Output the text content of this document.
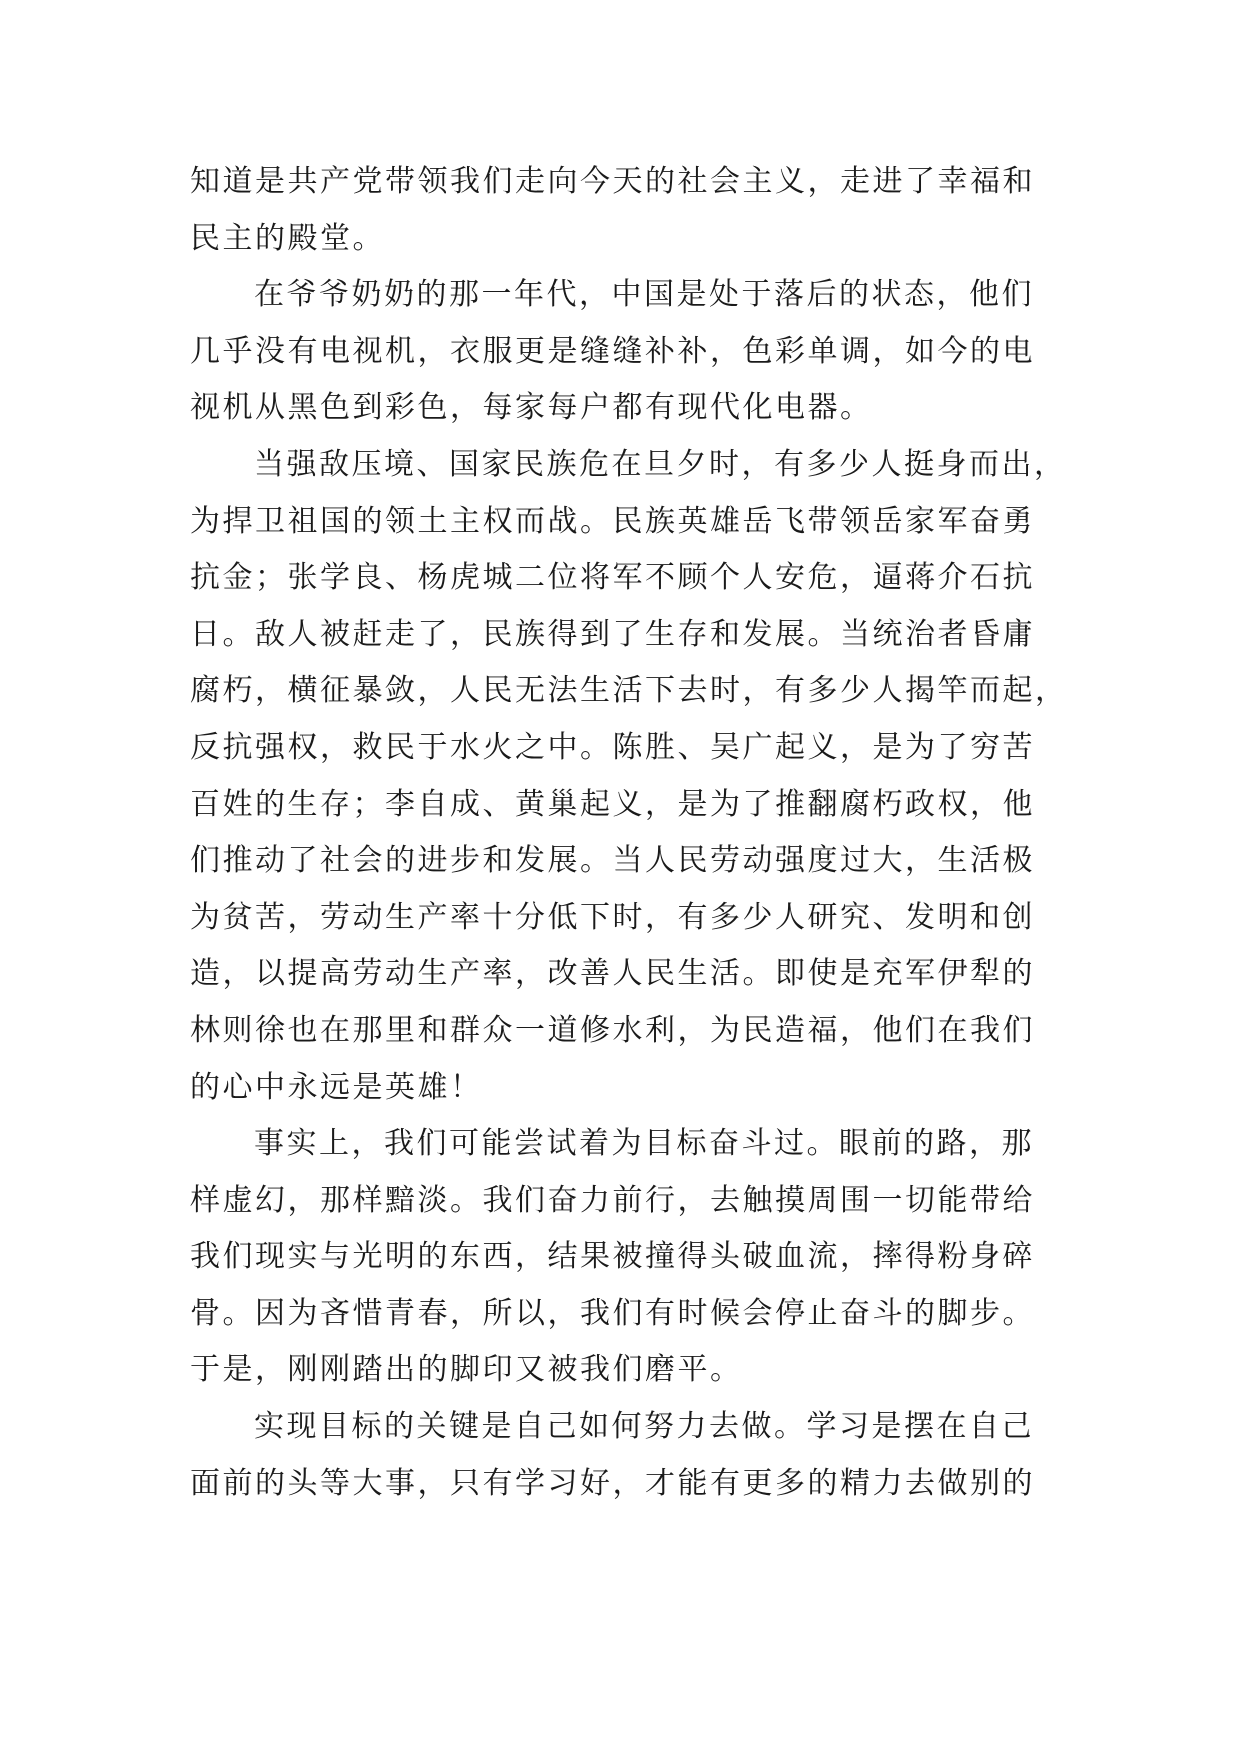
知道是共产党带领我们走向今天的社会主义，走进了幸福和
民主的殿堂。
在爷爷奶奶的那一年代，中国是处于落后的状态，他们
几乎没有电视机，衣服更是缝缝补补，色彩单调，如今的电
视机从黑色到彩色，每家每户都有现代化电器。
当强敌压境、国家民族危在旦夕时，有多少人挺身而出，
为捍卫祖国的领土主权而战。民族英雄岳飞带领岳家军奋勇
抗金；张学良、杨虎城二位将军不顾个人安危，逼蒋介石抗
日。敌人被赶走了，民族得到了生存和发展。当统治者昏庸
腐朽，横征暴敛，人民无法生活下去时，有多少人揭竿而起，
反抗强权，救民于水火之中。陈胜、吴广起义，是为了穷苦
百姓的生存；李自成、黄巢起义，是为了推翻腐朽政权，他
们推动了社会的进步和发展。当人民劳动强度过大，生活极
为贫苦，劳动生产率十分低下时，有多少人研究、发明和创
造，以提高劳动生产率，改善人民生活。即使是充军伊犁的
林则徐也在那里和群众一道修水利，为民造福，他们在我们
的心中永远是英雄！
事实上，我们可能尝试着为目标奋斗过。眼前的路，那
样虚幻，那样黯淡。我们奋力前行，去触摸周围一切能带给
我们现实与光明的东西，结果被撞得头破血流，摔得粉身碎
骨。因为吝惜青春，所以，我们有时候会停止奋斗的脚步。
于是，刚刚踏出的脚印又被我们磨平。
实现目标的关键是自己如何努力去做。学习是摆在自己
面前的头等大事，只有学习好，才能有更多的精力去做别的
